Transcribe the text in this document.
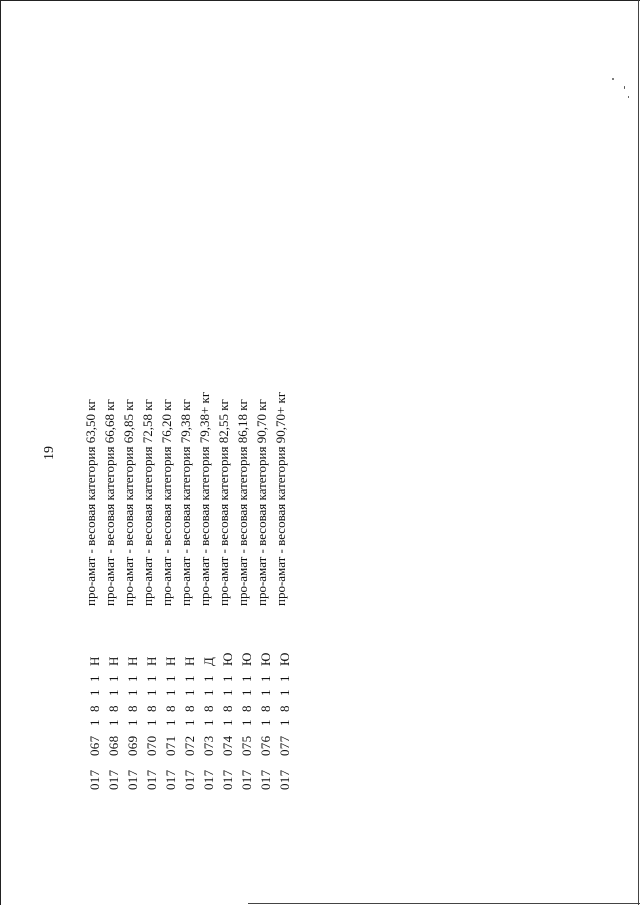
19 про-амат - весовая категория 63,50 кг про-амат - весовая категория 66,68 кг про-амат - весовая категория 69,85 кг про-амат - весовая категория 72,58 кг про-амат - весовая категория 76,20 кг про-амат - весовая категория 79,38 кг про-амат - весовая категория 79,38+ кг про-амат - весовая категория 82,55 кг про-амат - весовая категория 86,18 кг про-амат - весовая категория 90,70 кг про-амат - весовая категория 90,70+ кг
0170671811Н
0170681811Н
0170691811Н
0170701811Н
0170711811Н
0170721811Н
0170731811Д
0170741811Ю
0170751811Ю
0170761811Ю
0170771811Ю
